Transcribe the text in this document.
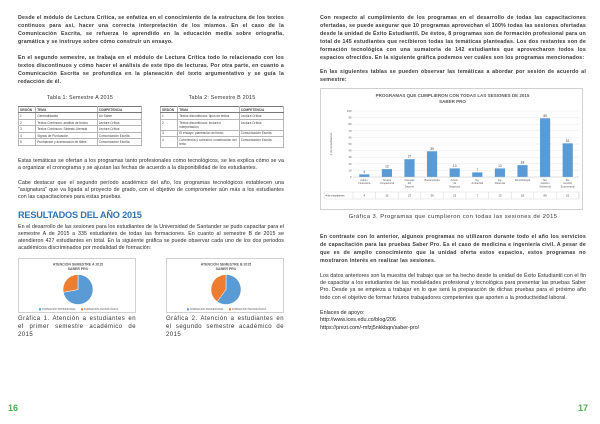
Desde el módulo de Lectura Crítica, se enfatiza en el conocimiento de la estructura de los textos continuos para así, hacer una correcta interpretación de los mismos. En el caso de la Comunicación Escrita, se refuerza lo aprendido en la educación media sobre ortografía, gramática y se instruye sobre cómo construir un ensayo.

En el segundo semestre, se trabaja en el módulo de Lectura Crítica todo lo relacionado con los textos discontinuos y cómo hacer el análisis de este tipo de lecturas. Por otra parte, en cuanto a Comunicación Escrita se profundiza en la planeación del texto argumentativo y se guía la redacción de él.

Tabla 1: Semestre A 2015
SESIÓN	TEMA	COMPETENCIA
1	Generalidades	Un Saber
2	Textos Continuos: análisis de textos	Lectura Crítica
3	Textos Continuos: Síntesis Literaria	Lectura Crítica
4	Signos de Puntuación	Comunicación Escrita
5	Puntuación y acentuación de tildes	Comunicación Escrita
Tabla 2: Semestre B 2015
SESIÓN	TEMA	COMPETENCIA
1	Textos discontinuos: tipos de textos	Lectura Crítica
2	Textos discontinuos: lectura e interpretación	Lectura Crítica
3	El ensayo: planeación del texto	Comunicación Escrita
4	Coherencia y cohesión: construcción del texto	Comunicación Escrita

Estas temáticas se ofertan a los programas tanto profesionales como tecnológicos, se les explica cómo se va a organizar el cronograma y se ajustan las fechas de acuerdo a la disponibilidad de los estudiantes.

Cabe destacar que el segundo período académico del año, los programas tecnológicos establecen una "asignatura" que va ligada al proyecto de grado, con el objetivo de comprometer aún más a los estudiantes con las capacitaciones para estas pruebas.

RESULTADOS DEL AÑO 2015

En el desarrollo de las sesiones para los estudiantes de la Universidad de Santander se pudo capacitar para el semestre A de 2015 a 335 estudiantes de todas las formaciones. En cuanto al semestre B de 2015 se atendieron 427 estudiantes en total. En la siguiente gráfica se puede observar cada uno de los dos periodos académicos discriminados por modalidad de formación:

ATENCIÓN SEMESTRE A 2015
SABER PRO
FORMACIÓN PROFESIONAL	FORMACIÓN TECNOLÓGICA
ATENCIÓN SEMESTRE B 2015
SABER PRO
FORMACIÓN PROFESIONAL	FORMACIÓN TECNOLÓGICA

Gráfica 1. Atención a estudiantes en el primer semestre académico de 2015

Gráfica 2. Atención a estudiantes en el segundo semestre académico de 2015

16

Con respecto al cumplimiento de los programas en el desarrollo de todas las capacitaciones ofertadas, se puede asegurar que 10 programas aprovechan el 100% todas las sesiones ofertadas desde la unidad de Éxito Estudiantil. De éstos, 8 programas son de formación profesional para un total de 145 estudiantes que recibieron todas las temáticas planteadas. Los dos restantes son de formación tecnológica con una sumatoria de 142 estudiantes que aprovecharon todos los espacios ofrecidos. En la siguiente gráfica podemos ver cuáles son los programas mencionados:

En las siguientes tablas se pueden observar las temáticas a abordar por sesión de acuerdo al semestre:

PROGRAMAS QUE CUMPLIERON CON TODAS LAS SESIONES DE 2015
SABER PRO
0
10
20
30
40
50
60
70
80
90
100
# de estudiantes
4
12
27
39
13
7
13
18
89
51
Admin. Financiera
Terapia Ocupacional
Ciencias del Deporte
Bacteriología	Admin. de Negocios
Ing. Ambiental
Ing. Sistemas
Microbiología	Tec. Gestión Ambiental
Tec. Gestión Empresarial
# de estudiantes	4	12	27	39	13	7	13	18	89	51

Gráfica 3. Programas que cumplieron con todas las sesiones de 2015

En contraste con lo anterior, algunos programas no utilizaron durante todo el año los servicios de capacitación para las pruebas Saber Pro. Es el caso de medicina e ingeniería civil. A pesar de que es de amplio conocimiento que la unidad oferta estos espacios, estos programas no mostraron interés en realizar las sesiones.

Los datos anteriores son la muestra del trabajo que se ha hecho desde la unidad de Éxito Estudiantil con el fin de capacitar a los estudiantes de las modalidades profesional y tecnológica para presentar las pruebas Saber Pro. Desde ya se empieza a trabajar en lo que será la preparación de dichas pruebas para el próximo año todo con el objetivo de formar futuros trabajadores competentes que aporten a la productividad laboral.

Enlaces de apoyo:
http://www.ices.edu.co/blog/206
https://prezi.com/-mfzj5nkkbqn/saber-pro/
17
